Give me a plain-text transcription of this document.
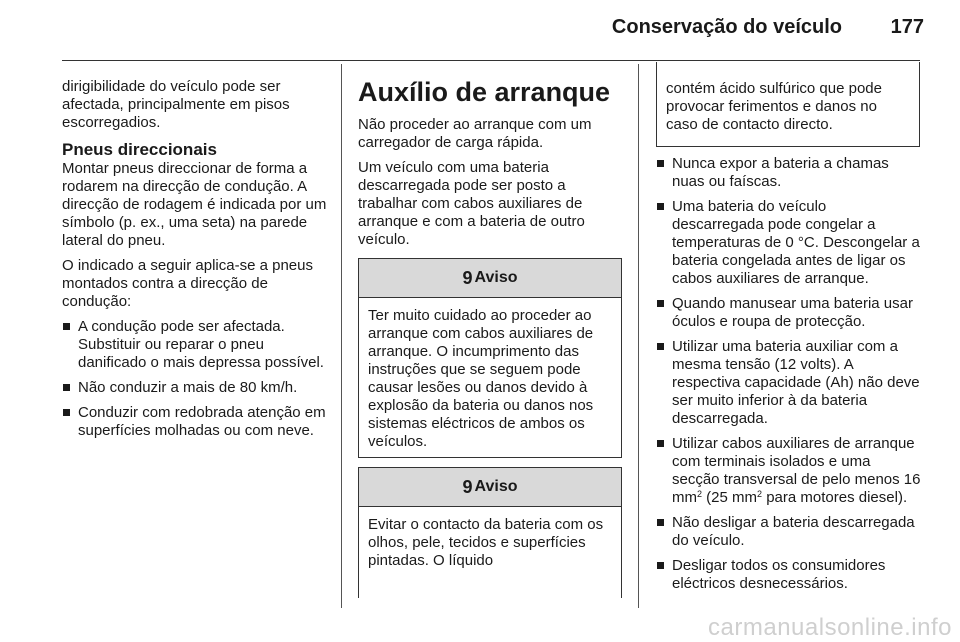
Conservação do veículo	177

dirigibilidade do veículo pode ser afectada, principalmente em pisos escorregadios.

Pneus direccionais

Montar pneus direccionar de forma a rodarem na direcção de condução. A direcção de rodagem é indicada por um símbolo (p. ex., uma seta) na parede lateral do pneu.

O indicado a seguir aplica-se a pneus montados contra a direcção de condução:

A condução pode ser afectada. Substituir ou reparar o pneu danificado o mais depressa possível.
Não conduzir a mais de 80 km/h.
Conduzir com redobrada atenção em superfícies molhadas ou com neve.
Auxílio de arranque

Não proceder ao arranque com um carregador de carga rápida.

Um veículo com uma bateria descarregada pode ser posto a trabalhar com cabos auxiliares de arranque e com a bateria de outro veículo.

9 Aviso
Ter muito cuidado ao proceder ao arranque com cabos auxiliares de arranque. O incumprimento das instruções que se seguem pode causar lesões ou danos devido à explosão da bateria ou danos nos sistemas eléctricos de ambos os veículos.
9 Aviso
Evitar o contacto da bateria com os olhos, pele, tecidos e superfícies pintadas. O líquido
contém ácido sulfúrico que pode provocar ferimentos e danos no caso de contacto directo.
Nunca expor a bateria a chamas nuas ou faíscas.
Uma bateria do veículo descarregada pode congelar a temperaturas de 0 °C. Descongelar a bateria congelada antes de ligar os cabos auxiliares de arranque.
Quando manusear uma bateria usar óculos e roupa de protecção.
Utilizar uma bateria auxiliar com a mesma tensão (12 volts). A respectiva capacidade (Ah) não deve ser muito inferior à da bateria descarregada.
Utilizar cabos auxiliares de arranque com terminais isolados e uma secção transversal de pelo menos 16 $mm^2$ (25 $mm^2$ para motores diesel).
Não desligar a bateria descarregada do veículo.
Desligar todos os consumidores eléctricos desnecessários.
carmanualsonline.info
